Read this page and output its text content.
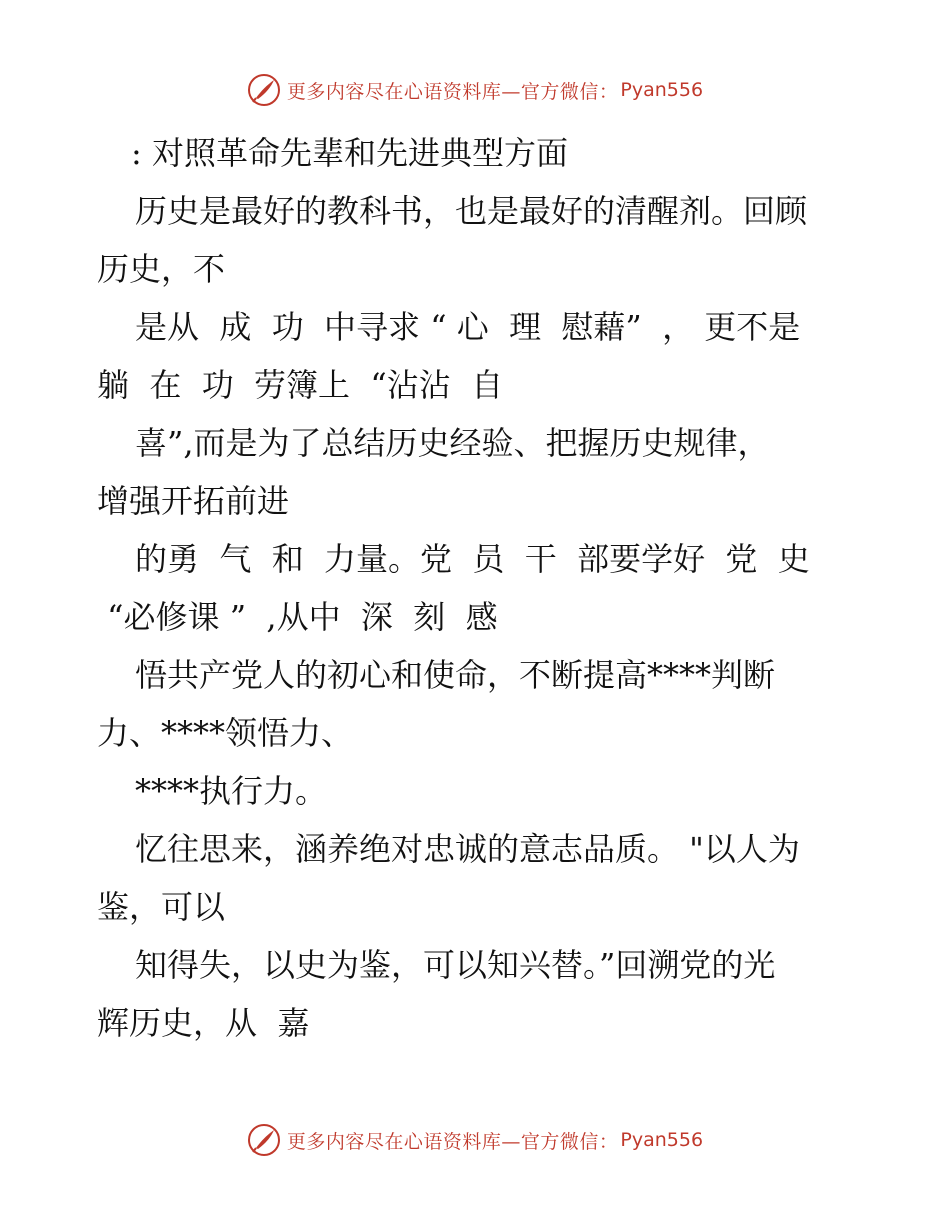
更多内容尽在心语资料库—官方微信： Pyan556
: 对照革命先辈和先进典型方面
历史是最好的教科书，也是最好的清醒剂。回顾
历史，不
是从  成  功  中寻求 “ 心  理  慰藉”  ， 更不是
躺  在  功  劳簿上  “沾沾  自
喜”,而是为了总结历史经验、把握历史规律，
增强开拓前进
的勇  气  和  力量。党  员  干  部要学好  党  史
“必修课 ”  ,从中  深  刻  感
悟共产党人的初心和使命，不断提高****判断
力、****领悟力、
****执行力。
忆往思来，涵养绝对忠诚的意志品质。 "以人为
鉴，可以
知得失，以史为鉴，可以知兴替。”回溯党的光
辉历史，从  嘉
更多内容尽在心语资料库—官方微信： Pyan556
